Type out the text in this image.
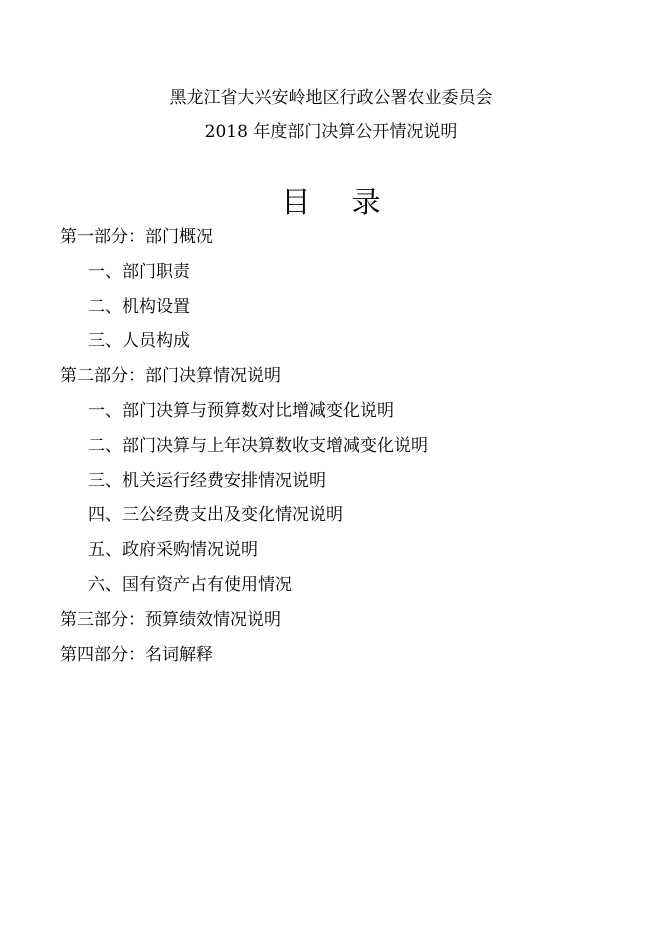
黑龙江省大兴安岭地区行政公署农业委员会
2018 年度部门决算公开情况说明
目 录
第一部分：部门概况
一、部门职责
二、机构设置
三、人员构成
第二部分：部门决算情况说明
一、部门决算与预算数对比增减变化说明
二、部门决算与上年决算数收支增减变化说明
三、机关运行经费安排情况说明
四、三公经费支出及变化情况说明
五、政府采购情况说明
六、国有资产占有使用情况
第三部分：预算绩效情况说明
第四部分：名词解释
